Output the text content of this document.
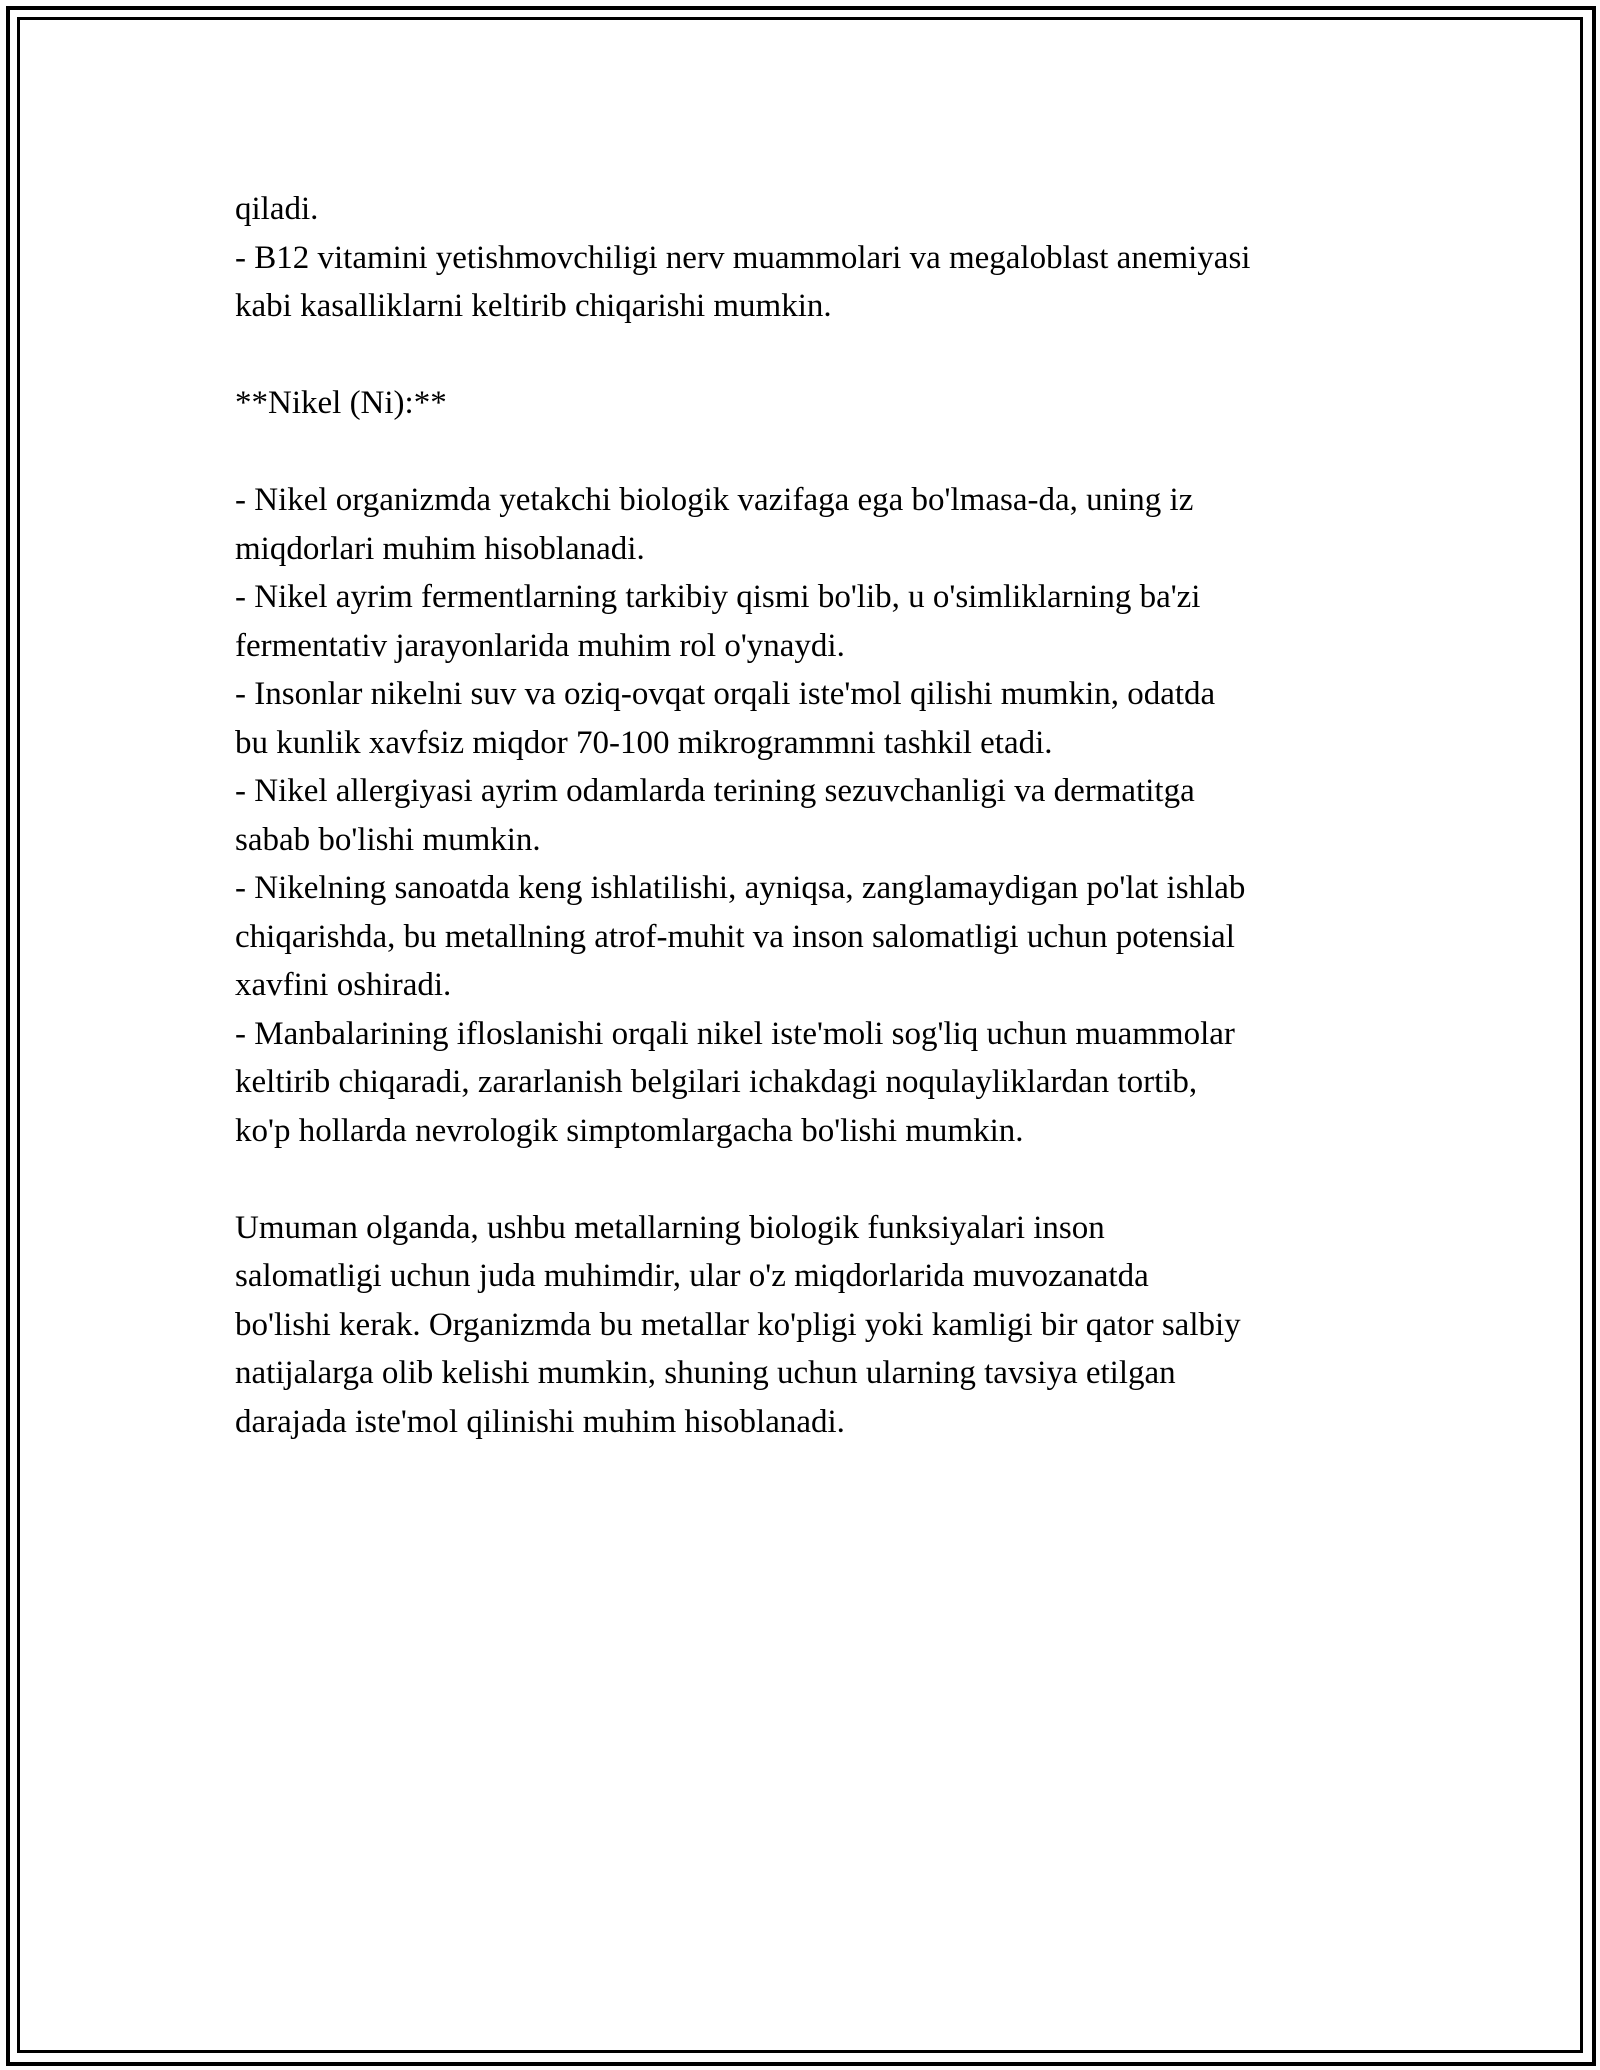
qiladi.
- B12 vitamini yetishmovchiligi nerv muammolari va megaloblast anemiyasi
kabi kasalliklarni keltirib chiqarishi mumkin.
**Nikel (Ni):**
- Nikel organizmda yetakchi biologik vazifaga ega bo'lmasa-da, uning iz
miqdorlari muhim hisoblanadi.
- Nikel ayrim fermentlarning tarkibiy qismi bo'lib, u o'simliklarning ba'zi
fermentativ jarayonlarida muhim rol o'ynaydi.
- Insonlar nikelni suv va oziq-ovqat orqali iste'mol qilishi mumkin, odatda
bu kunlik xavfsiz miqdor 70-100 mikrogrammni tashkil etadi.
- Nikel allergiyasi ayrim odamlarda terining sezuvchanligi va dermatitga
sabab bo'lishi mumkin.
- Nikelning sanoatda keng ishlatilishi, ayniqsa, zanglamaydigan po'lat ishlab
chiqarishda, bu metallning atrof-muhit va inson salomatligi uchun potensial
xavfini oshiradi.
- Manbalarining ifloslanishi orqali nikel iste'moli sog'liq uchun muammolar
keltirib chiqaradi, zararlanish belgilari ichakdagi noqulayliklardan tortib,
ko'p hollarda nevrologik simptomlargacha bo'lishi mumkin.
Umuman olganda, ushbu metallarning biologik funksiyalari inson
salomatligi uchun juda muhimdir, ular o'z miqdorlarida muvozanatda
bo'lishi kerak. Organizmda bu metallar ko'pligi yoki kamligi bir qator salbiy
natijalarga olib kelishi mumkin, shuning uchun ularning tavsiya etilgan
darajada iste'mol qilinishi muhim hisoblanadi.
